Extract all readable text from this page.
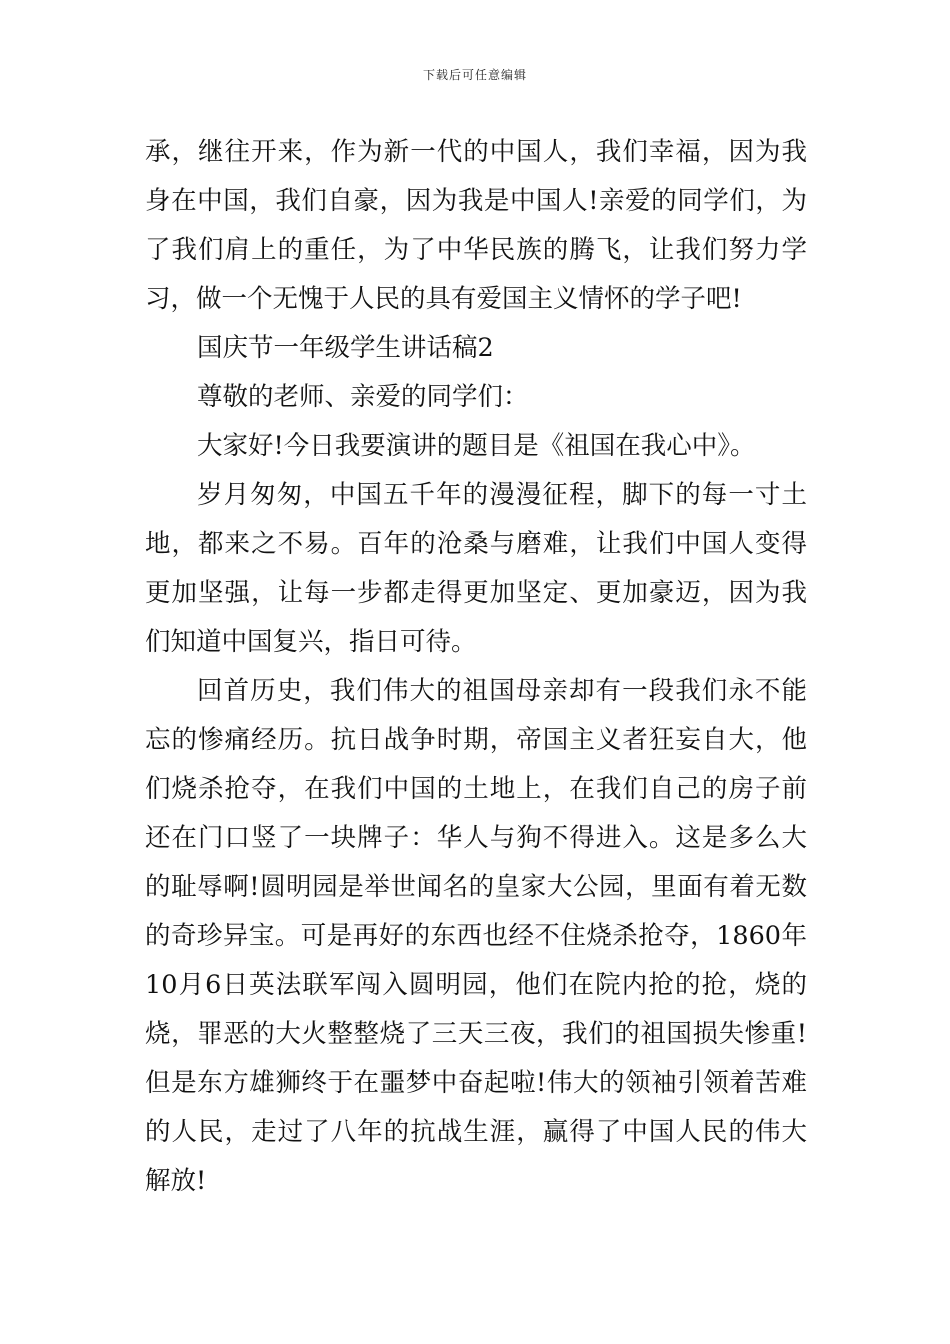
下载后可任意编辑
承，继往开来，作为新一代的中国人，我们幸福，因为我
身在中国，我们自豪，因为我是中国人!亲爱的同学们，为
了我们肩上的重任，为了中华民族的腾飞，让我们努力学
习，做一个无愧于人民的具有爱国主义情怀的学子吧!
国庆节一年级学生讲话稿2
尊敬的老师、亲爱的同学们：
大家好!今日我要演讲的题目是《祖国在我心中》。
岁月匆匆，中国五千年的漫漫征程，脚下的每一寸土
地，都来之不易。百年的沧桑与磨难，让我们中国人变得
更加坚强，让每一步都走得更加坚定、更加豪迈，因为我
们知道中国复兴，指日可待。
回首历史，我们伟大的祖国母亲却有一段我们永不能
忘的惨痛经历。抗日战争时期，帝国主义者狂妄自大，他
们烧杀抢夺，在我们中国的土地上，在我们自己的房子前
还在门口竖了一块牌子：华人与狗不得进入。这是多么大
的耻辱啊!圆明园是举世闻名的皇家大公园，里面有着无数
的奇珍异宝。可是再好的东西也经不住烧杀抢夺，1860年
10月6日英法联军闯入圆明园，他们在院内抢的抢，烧的
烧，罪恶的大火整整烧了三天三夜，我们的祖国损失惨重!
但是东方雄狮终于在噩梦中奋起啦!伟大的领袖引领着苦难
的人民，走过了八年的抗战生涯，赢得了中国人民的伟大
解放!
